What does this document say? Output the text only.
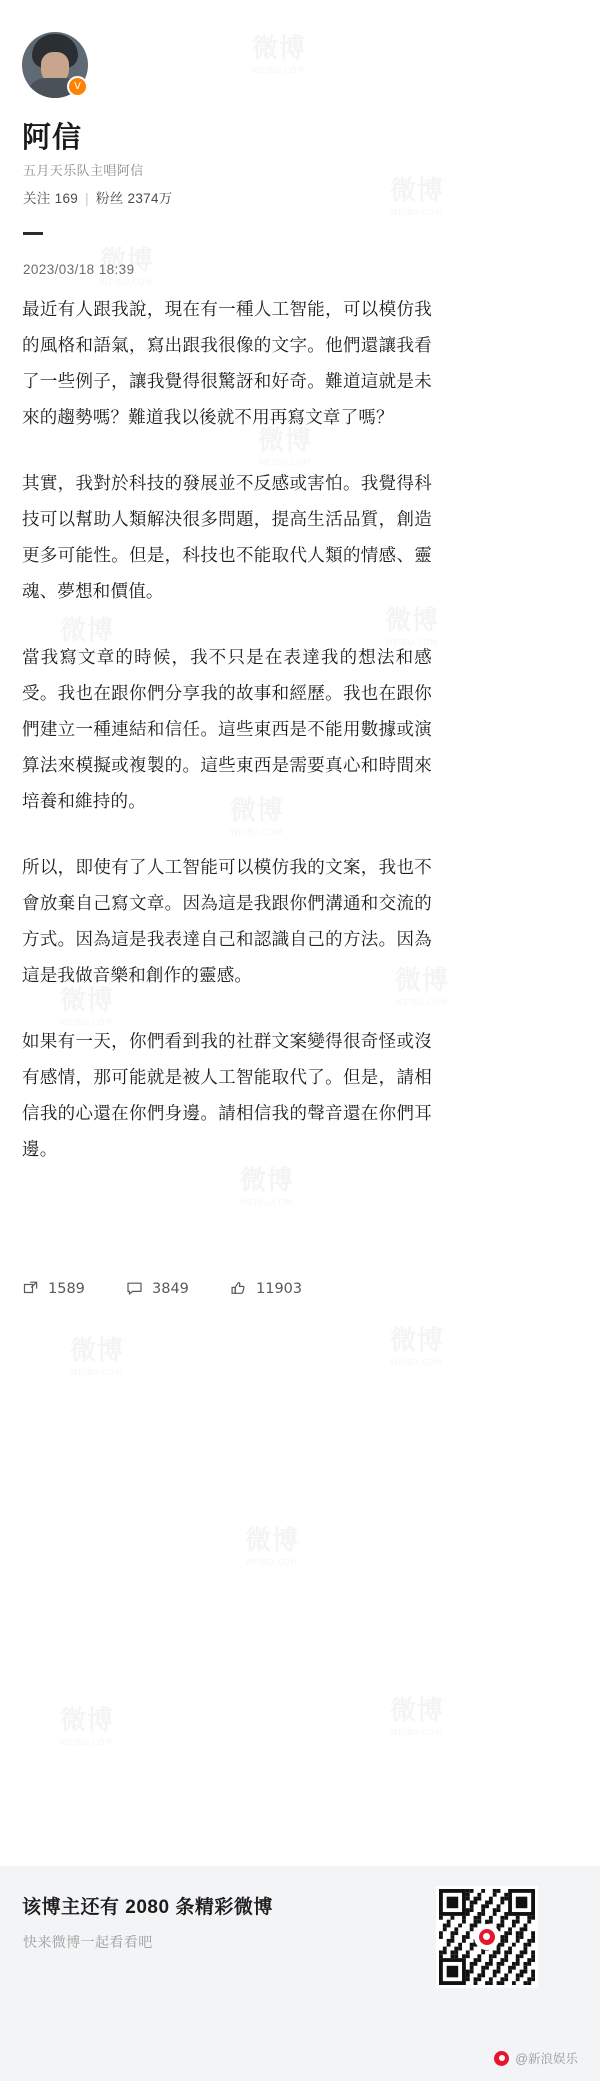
V
阿信
五月天乐队主唱阿信
关注 169 | 粉丝 2374万
2023/03/18 18:39

最近有人跟我說，現在有一種人工智能，可以模仿我的風格和語氣，寫出跟我很像的文字。他們還讓我看了一些例子，讓我覺得很驚訝和好奇。難道這就是未來的趨勢嗎？難道我以後就不用再寫文章了嗎？

其實，我對於科技的發展並不反感或害怕。我覺得科技可以幫助人類解決很多問題，提高生活品質，創造更多可能性。但是，科技也不能取代人類的情感、靈魂、夢想和價值。

當我寫文章的時候，我不只是在表達我的想法和感受。我也在跟你們分享我的故事和經歷。我也在跟你們建立一種連結和信任。這些東西是不能用數據或演算法來模擬或複製的。這些東西是需要真心和時間來培養和維持的。

所以，即使有了人工智能可以模仿我的文案，我也不會放棄自己寫文章。因為這是我跟你們溝通和交流的方式。因為這是我表達自己和認識自己的方法。因為這是我做音樂和創作的靈感。

如果有一天，你們看到我的社群文案變得很奇怪或沒有感情，那可能就是被人工智能取代了。但是，請相信我的心還在你們身邊。請相信我的聲音還在你們耳邊。

1589	3849	11903
该博主还有 2080 条精彩微博
快来微博一起看看吧
@新浪娱乐
